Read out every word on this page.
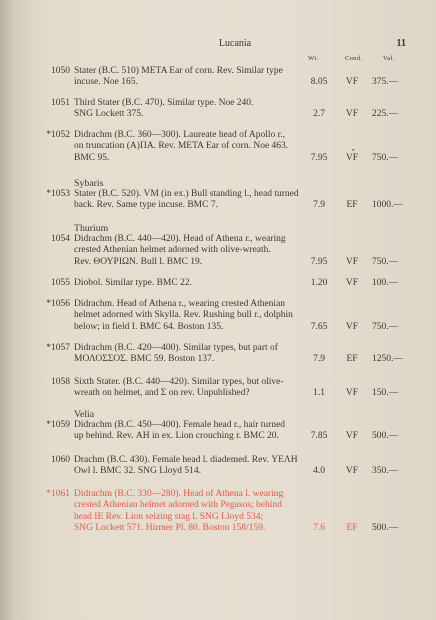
Lucania	11
Wt.	Cond.	Val.
1050 Stater (B.C. 510) ΜΕΤΑ Ear of corn. Rev. Similar type
incuse. Noe 165.	8.05	VF	375.—
1051 Third Stater (B.C. 470). Similar type. Noe 240.
SNG Lockett 375.	2.7	VF	225.—
*1052 Didrachm (B.C. 360—300). Laureate head of Apollo r.,
on truncation (Α)ΠΑ. Rev. ΜΕΤΑ Ear of corn. Noe 463.
BMC 95.	7.95	VF	750.—
▪
Sybaris
*1053 Stater (B.C. 520). VM (in ex.) Bull standing l., head turned
back. Rev. Same type incuse. BMC 7.	7.9	EF	1000.—
Thurium
1054 Didrachm (B.C. 440—420). Head of Athena r., wearing
crested Athenian helmet adorned with olive-wreath.
Rev. ΘΟΥΡΙΩΝ. Bull l. BMC 19.	7.95	VF	750.—
1055 Diobol. Similar type. BMC 22.	1.20	VF	100.—
*1056 Didrachm. Head of Athena r., wearing crested Athenian
helmet adorned with Skylla. Rev. Rushing bull r., dolphin
below; in field Ι. BMC 64. Boston 135.	7.65	VF	750.—
*1057 Didrachm (B.C. 420—400). Similar types, but part of
ΜΟΛΟΣΣΟΣ. BMC 59. Boston 137.	7.9	EF	1250.—
1058 Sixth Stater. (B.C. 440—420). Similar types, but olive-
wreath on helmet, and Σ on rev. Unpublished?	1.1	VF	150.—
Velia
*1059 Didrachm (B.C. 450—400). Female head r., hair turned
up behind. Rev. ΑΗ in ex. Lion crouching r. BMC 20.	7.85	VF	500.—
1060 Drachm (B.C. 430). Female head l. diademed. Rev. ΥΕΛΗ
Owl l. BMC 32. SNG Lloyd 514.	4.0	VF	350.—
*1061 Didrachm (B.C. 330—280). Head of Athena l. wearing
crested Athenian helmet adorned with Pegasos; behind
head ΙΕ Rev. Lion seizing stag l. SNG Lloyd 534;
SNG Lockett 571. Hirmer Pl. 80. Boston 158/159.	7.6	EF	500.—
